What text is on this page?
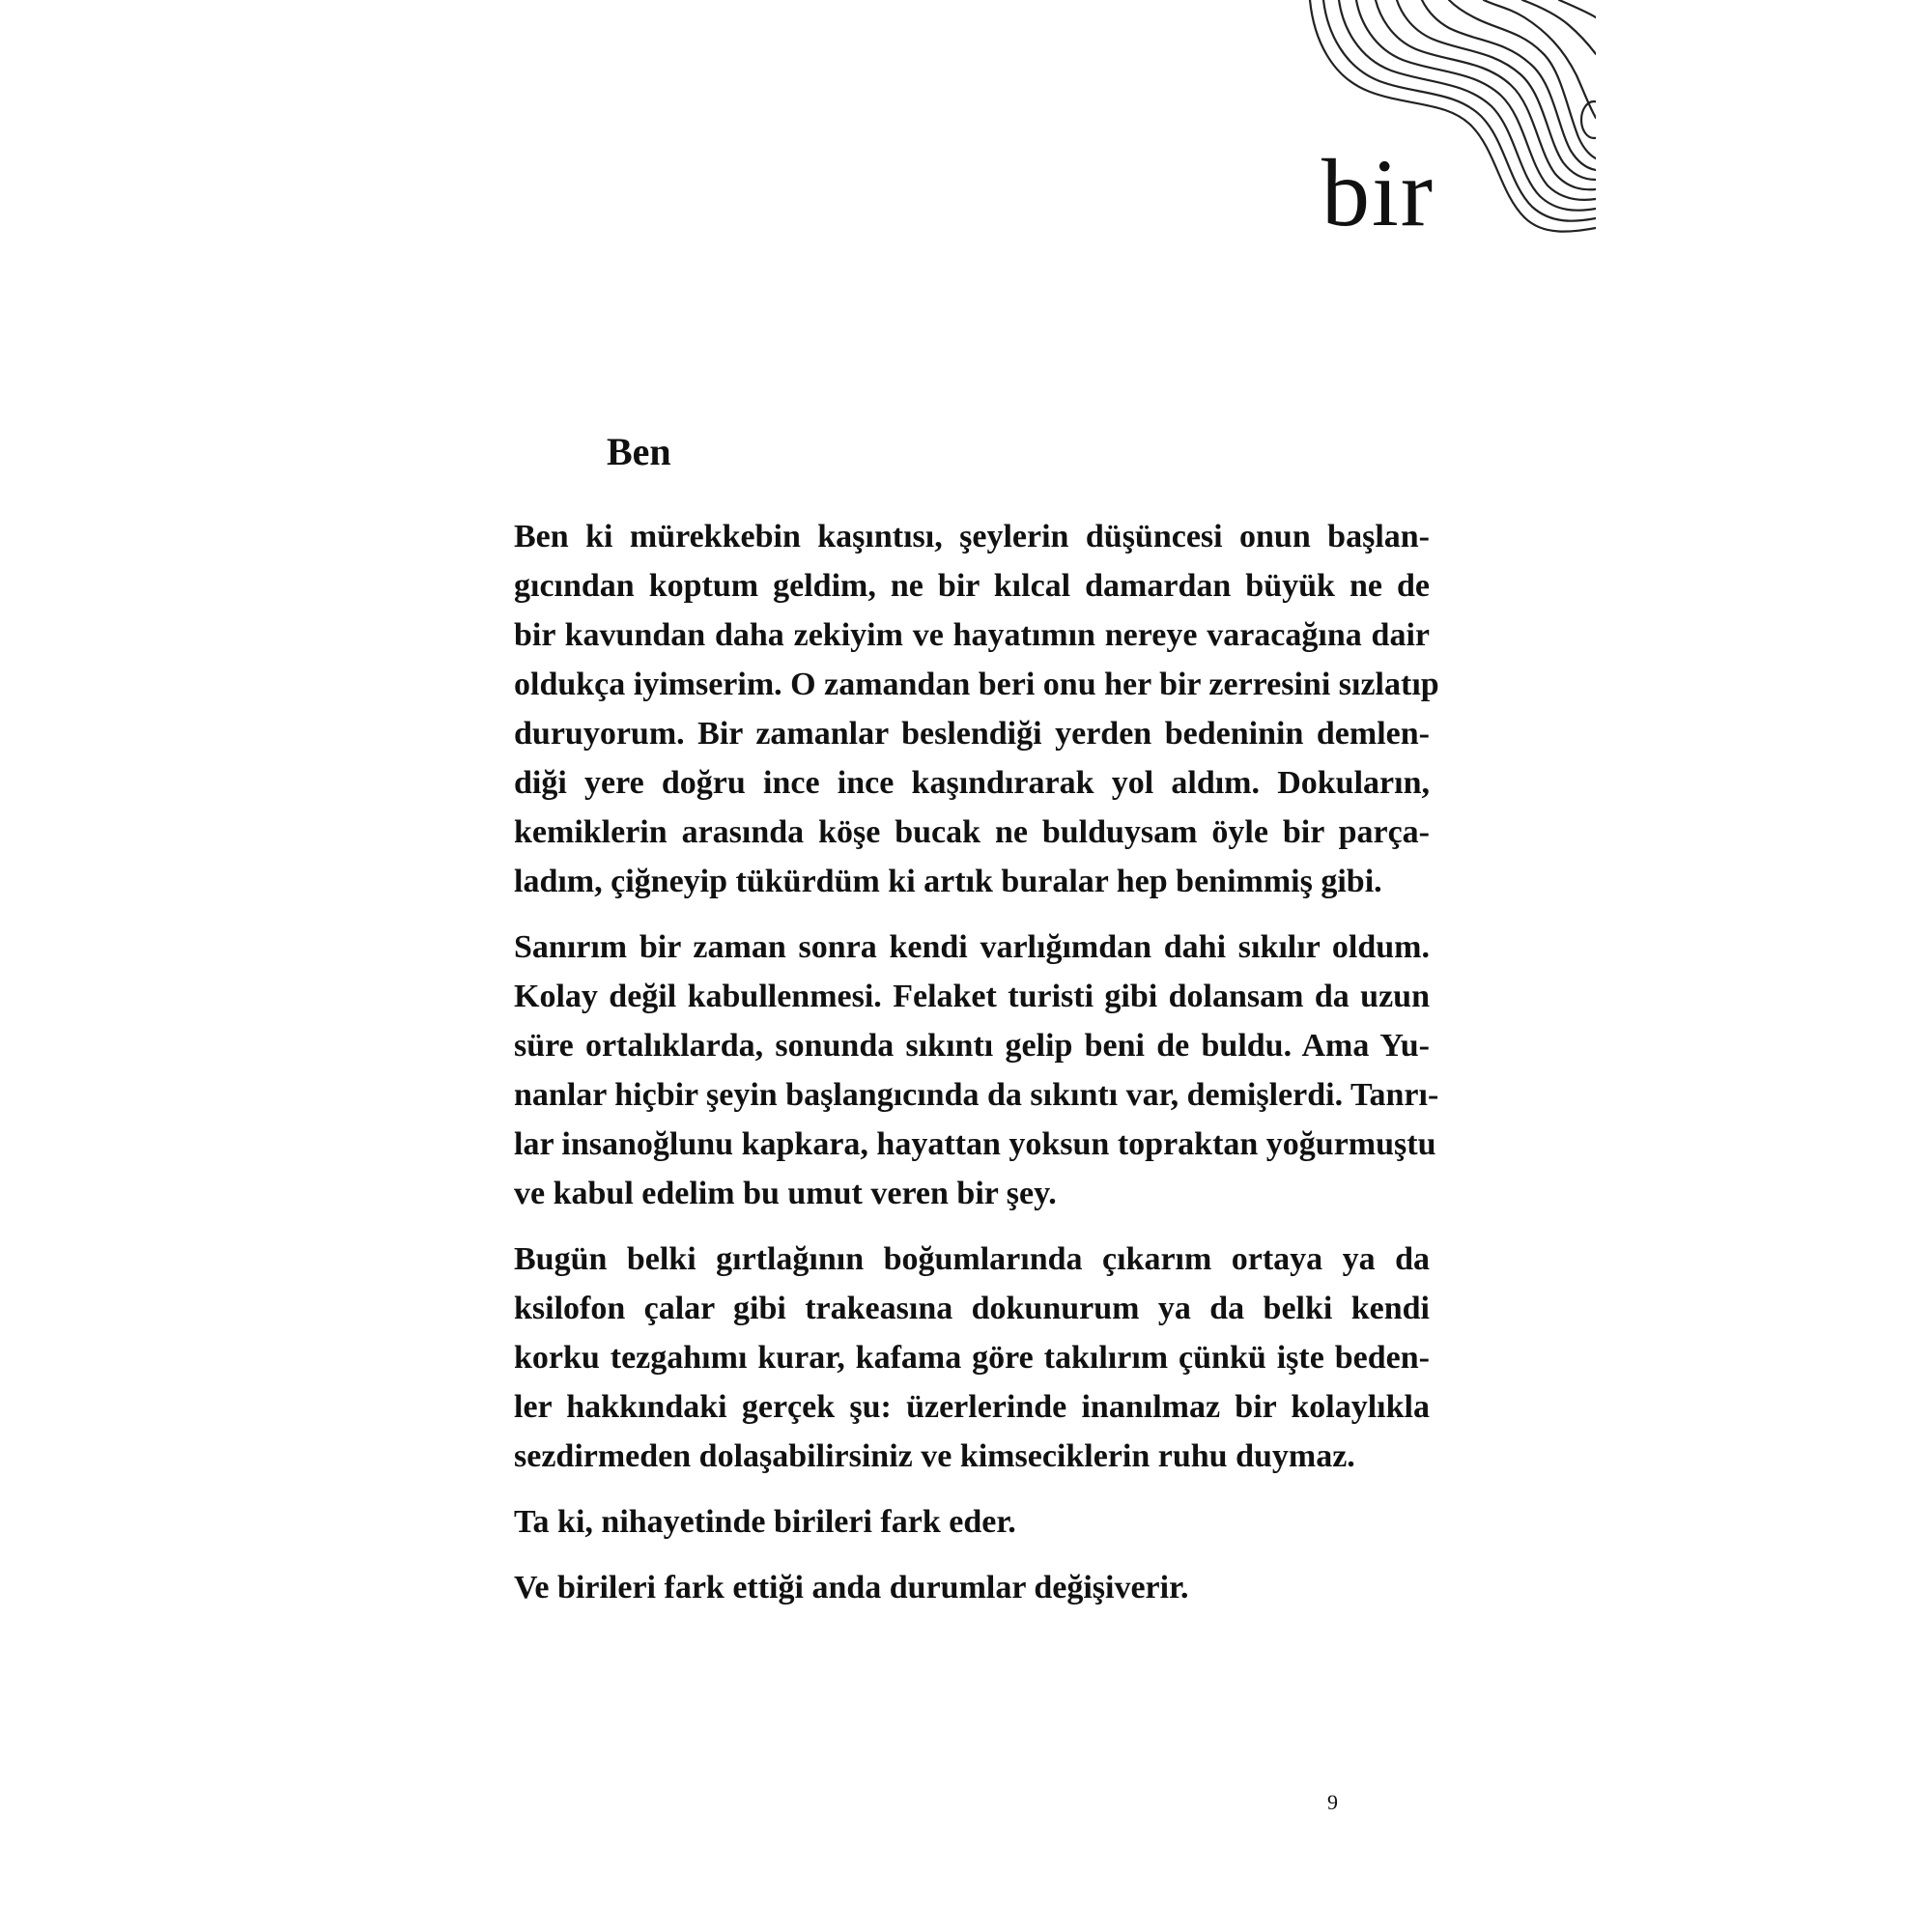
bir
Ben

Ben ki mürekkebin kaşıntısı, şeylerin düşüncesi onun başlan-
gıcından koptum geldim, ne bir kılcal damardan büyük ne de
bir kavundan daha zekiyim ve hayatımın nereye varacağına dair
oldukça iyimserim. O zamandan beri onu her bir zerresini sızlatıp
duruyorum. Bir zamanlar beslendiği yerden bedeninin demlen-
diği yere doğru ince ince kaşındırarak yol aldım. Dokuların,
kemiklerin arasında köşe bucak ne bulduysam öyle bir parça-
ladım, çiğneyip tükürdüm ki artık buralar hep benimmiş gibi.

Sanırım bir zaman sonra kendi varlığımdan dahi sıkılır oldum.
Kolay değil kabullenmesi. Felaket turisti gibi dolansam da uzun
süre ortalıklarda, sonunda sıkıntı gelip beni de buldu. Ama Yu-
nanlar hiçbir şeyin başlangıcında da sıkıntı var, demişlerdi. Tanrı-
lar insanoğlunu kapkara, hayattan yoksun topraktan yoğurmuştu
ve kabul edelim bu umut veren bir şey.

Bugün belki gırtlağının boğumlarında çıkarım ortaya ya da
ksilofon çalar gibi trakeasına dokunurum ya da belki kendi
korku tezgahımı kurar, kafama göre takılırım çünkü işte beden-
ler hakkındaki gerçek şu: üzerlerinde inanılmaz bir kolaylıkla
sezdirmeden dolaşabilirsiniz ve kimseciklerin ruhu duymaz.

Ta ki, nihayetinde birileri fark eder.

Ve birileri fark ettiği anda durumlar değişiverir.

9
